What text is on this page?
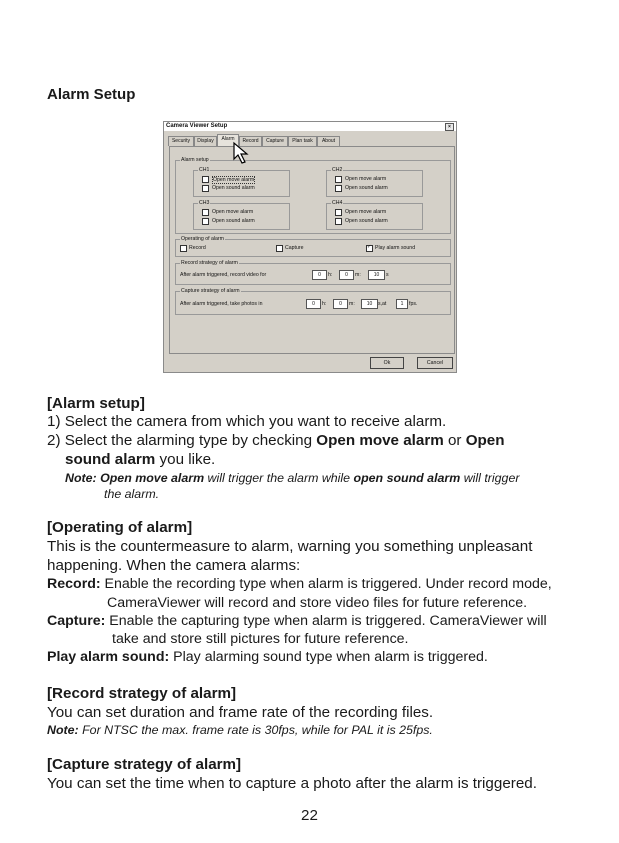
Alarm Setup
Camera Viewer Setup	×
Security	Display	Alarm	Record	Capture	Plan task	About
Alarm setup
CH1
Open move alarm
Open sound alarm
CH2
Open move alarm
Open sound alarm
CH3
Open move alarm
Open sound alarm
CH4
Open move alarm
Open sound alarm
Operating of alarm
Record	Capture
✓	Play alarm sound
Record strategy of alarm
After alarm triggered, record video for	0	h:	0	m:	10	s
Capture strategy of alarm
After alarm triggered, take photos in	0	h:	0	m:	10	s,at	1	fps.
Ok	Cancel
[Alarm setup]
1) Select the camera from which you want to receive alarm.
2) Select the alarming type by checking Open move alarm or Open
sound alarm you like.
Note: Open move alarm will trigger the alarm while open sound alarm will trigger
the alarm.
[Operating of alarm]
This is the countermeasure to alarm, warning you something unpleasant
happening. When the camera alarms:
Record: Enable the recording type when alarm is triggered. Under record mode,
CameraViewer will record and store video files for future reference.
Capture: Enable the capturing type when alarm is triggered. CameraViewer will
take and store still pictures for future reference.
Play alarm sound: Play alarming sound type when alarm is triggered.
[Record strategy of alarm]
You can set duration and frame rate of the recording files.
Note: For NTSC the max. frame rate is 30fps, while for PAL it is 25fps.
[Capture strategy of alarm]
You can set the time when to capture a photo after the alarm is triggered.
22
